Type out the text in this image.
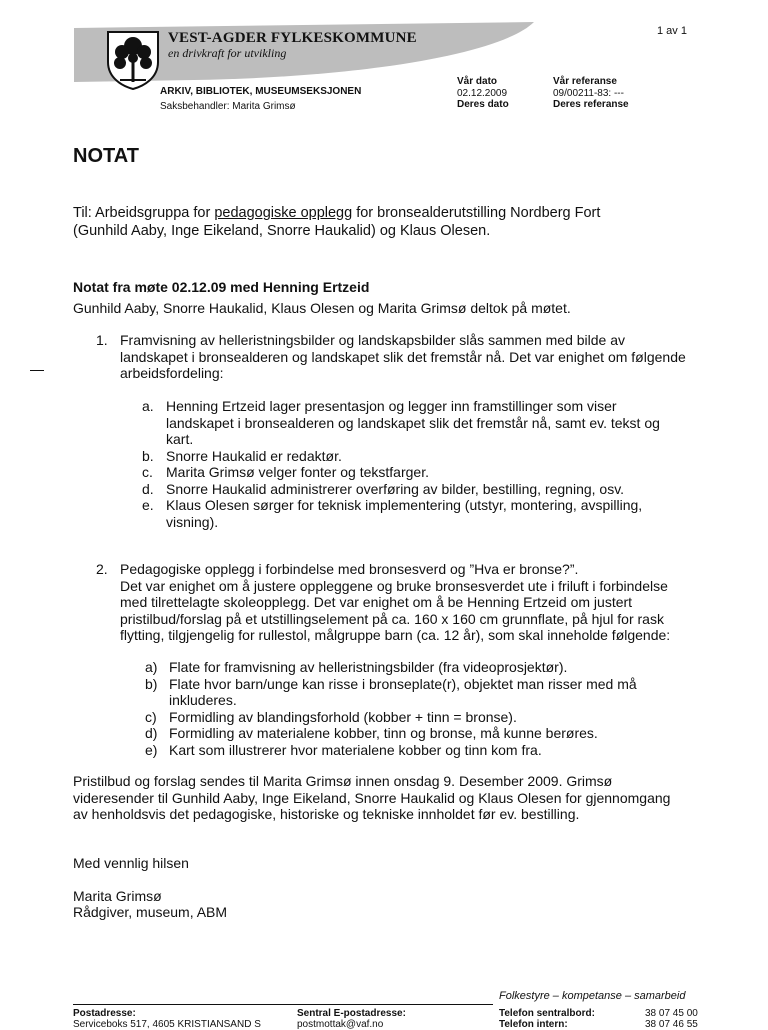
VEST-AGDER FYLKESKOMMUNE
en drivkraft for utvikling
1 av 1
ARKIV, BIBLIOTEK, MUSEUMSEKSJONEN
Saksbehandler: Marita Grimsø
Vår dato
02.12.2009
Deres dato
Vår referanse
09/00211-83: ---
Deres referanse
NOTAT
Til: Arbeidsgruppa for pedagogiske opplegg for bronsealderutstilling Nordberg Fort
(Gunhild Aaby, Inge Eikeland, Snorre Haukalid) og Klaus Olesen.
Notat fra møte 02.12.09 med Henning Ertzeid
Gunhild Aaby, Snorre Haukalid, Klaus Olesen og Marita Grimsø deltok på møtet.
1. Framvisning av helleristningsbilder og landskapsbilder slås sammen med bilde av
landskapet i bronsealderen og landskapet slik det fremstår nå. Det var enighet om følgende
arbeidsfordeling:
a. Henning Ertzeid lager presentasjon og legger inn framstillinger som viser
landskapet i bronsealderen og landskapet slik det fremstår nå, samt ev. tekst og
kart.
b. Snorre Haukalid er redaktør.
c. Marita Grimsø velger fonter og tekstfarger.
d. Snorre Haukalid administrerer overføring av bilder, bestilling, regning, osv.
e. Klaus Olesen sørger for teknisk implementering (utstyr, montering, avspilling,
visning).
2. Pedagogiske opplegg i forbindelse med bronsesverd og ”Hva er bronse?”.
Det var enighet om å justere oppleggene og bruke bronsesverdet ute i friluft i forbindelse
med tilrettelagte skoleopplegg. Det var enighet om å be Henning Ertzeid om justert
pristilbud/forslag på et utstillingselement på ca. 160 x 160 cm grunnflate, på hjul for rask
flytting, tilgjengelig for rullestol, målgruppe barn (ca. 12 år), som skal inneholde følgende:
a) Flate for framvisning av helleristningsbilder (fra videoprosjektør).
b) Flate hvor barn/unge kan risse i bronseplate(r), objektet man risser med må
inkluderes.
c) Formidling av blandingsforhold (kobber + tinn = bronse).
d) Formidling av materialene kobber, tinn og bronse, må kunne berøres.
e) Kart som illustrerer hvor materialene kobber og tinn kom fra.
Pristilbud og forslag sendes til Marita Grimsø innen onsdag 9. Desember 2009. Grimsø
videresender til Gunhild Aaby, Inge Eikeland, Snorre Haukalid og Klaus Olesen for gjennomgang
av henholdsvis det pedagogiske, historiske og tekniske innholdet før ev. bestilling.
Med vennlig hilsen
Marita Grimsø
Rådgiver, museum, ABM
Folkestyre – kompetanse – samarbeid
Postadresse:
Serviceboks 517, 4605 KRISTIANSAND S
Sentral E-postadresse:
postmottak@vaf.no
Telefon sentralbord:	38 07 45 00
Telefon intern:	38 07 46 55
